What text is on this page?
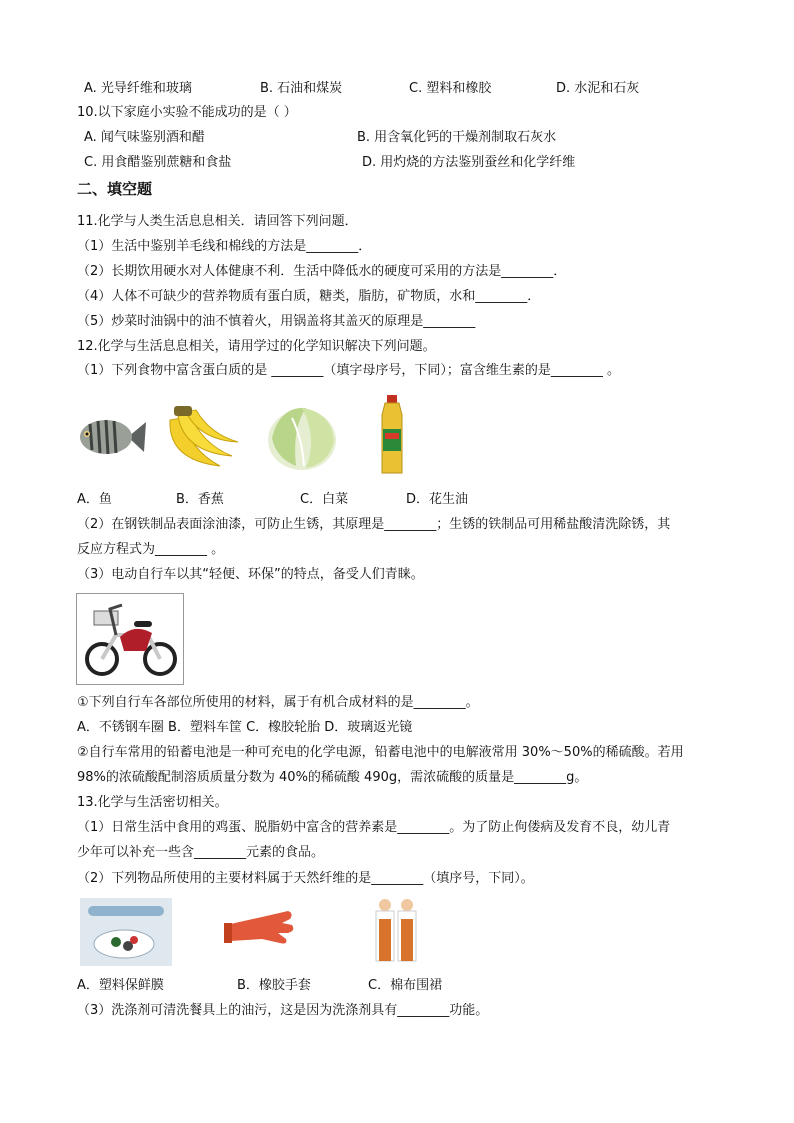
A. 光导纤维和玻璃	B. 石油和煤炭	C. 塑料和橡胶	D. 水泥和石灰
10.以下家庭小实验不能成功的是（ ）
A. 闻气味鉴别酒和醋	B. 用含氧化钙的干燥剂制取石灰水
C. 用食醋鉴别蔗糖和食盐	D. 用灼烧的方法鉴别蚕丝和化学纤维
二、填空题
11.化学与人类生活息息相关．请回答下列问题．
（1）生活中鉴别羊毛线和棉线的方法是________．
（2）长期饮用硬水对人体健康不利．生活中降低水的硬度可采用的方法是________．
（4）人体不可缺少的营养物质有蛋白质，糖类，脂肪，矿物质，水和________．
（5）炒菜时油锅中的油不慎着火，用锅盖将其盖灭的原理是________
12.化学与生活息息相关，请用学过的化学知识解决下列问题。
（1）下列食物中富含蛋白质的是 ________（填字母序号，下同）；富含维生素的是________ 。
A．鱼	B．香蕉	C．白菜	D．花生油
（2）在钢铁制品表面涂油漆，可防止生锈，其原理是________；生锈的铁制品可用稀盐酸清洗除锈，其
反应方程式为________ 。
（3）电动自行车以其“轻便、环保”的特点，备受人们青睐。
①下列自行车各部位所使用的材料，属于有机合成材料的是________。
A．不锈钢车圈 B．塑料车筐 C．橡胶轮胎 D．玻璃返光镜
②自行车常用的铅蓄电池是一种可充电的化学电源，铅蓄电池中的电解液常用 30%～50%的稀硫酸。若用
98%的浓硫酸配制溶质质量分数为 40%的稀硫酸 490g，需浓硫酸的质量是________g。
13.化学与生活密切相关。
（1）日常生活中食用的鸡蛋、脱脂奶中富含的营养素是________。为了防止佝偻病及发育不良，幼儿青
少年可以补充一些含________元素的食品。
（2）下列物品所使用的主要材料属于天然纤维的是________（填序号，下同）。
A．塑料保鲜膜	B．橡胶手套	C．棉布围裙
（3）洗涤剂可清洗餐具上的油污，这是因为洗涤剂具有________功能。
